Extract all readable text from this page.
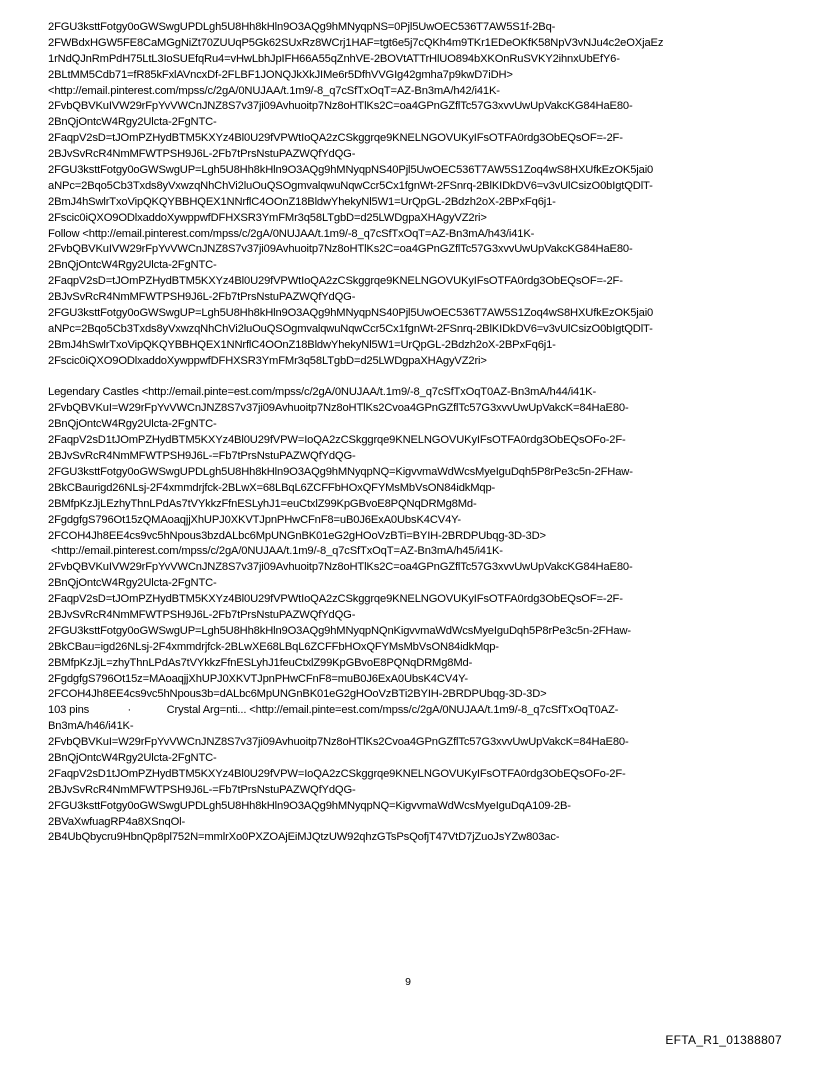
2FGU3ksttFotgy0oGWSwgUPDLgh5U8Hh8kHln9O3AQg9hMNyqpNS=0Pjl5UwOEC536T7AW5S1f-2Bq-
2FWBdxHGW5FE8CaMGgNiZt70ZUUqP5Gk62SUxRz8WCrj1HAF=tgt6e5j7cQKh4m9TKr1EDeOKfK58NpV3vNJu4c2eOXjaEz
1rNdQJnRmPdH75LtL3IoSUEfqRu4=vHwLbhJpIFH66A55qZnhVE-2BOVtATTrHlUO894bXKOnRuSVKY2ihnxUbEfY6-
2BLtMM5Cdb71=fR85kFxlAVncxDf-2FLBF1JONQJkXkJIMe6r5DfhVVGIg42gmha7p9kwD7iDH>
<http://email.pinterest.com/mpss/c/2gA/0NUJAA/t.1m9/-8_q7cSfTxOqT=AZ-Bn3mA/h42/i41K-
2FvbQBVKuIVW29rFpYvVWCnJNZ8S7v37ji09Avhuoitp7Nz8oHTlKs2C=oa4GPnGZflTc57G3xvvUwUpVakcKG84HaE80-
2BnQjOntcW4Rgy2Ulcta-2FgNTC-
2FaqpV2sD=tJOmPZHydBTM5KXYz4Bl0U29fVPWtIoQA2zCSkggrqe9KNELNGOVUKyIFsOTFA0rdg3ObEQsOF=-2F-
2BJvSvRcR4NmMFWTPSH9J6L-2Fb7tPrsNstuPAZWQfYdQG-
2FGU3ksttFotgy0oGWSwgUP=Lgh5U8Hh8kHln9O3AQg9hMNyqpNS40Pjl5UwOEC536T7AW5S1Zoq4wS8HXUfkEzOK5jai0
aNPc=2Bqo5Cb3Txds8yVxwzqNhChVi2luOuQSOgmvalqwuNqwCcr5Cx1fgnWt-2FSnrq-2BlKIDkDV6=v3vUlCsizO0bIgtQDlT-
2BmJ4hSwlrTxoVipQKQYBBHQEX1NNrflC4OOnZ18BldwYhekyNl5W1=UrQpGL-2Bdzh2oX-2BPxFq6j1-
2Fscic0iQXO9ODlxaddoXywppwfDFHXSR3YmFMr3q58LTgbD=d25LWDgpaXHAgyVZ2ri>
Follow <http://email.pinterest.com/mpss/c/2gA/0NUJAA/t.1m9/-8_q7cSfTxOqT=AZ-Bn3mA/h43/i41K-
2FvbQBVKuIVW29rFpYvVWCnJNZ8S7v37ji09Avhuoitp7Nz8oHTlKs2C=oa4GPnGZflTc57G3xvvUwUpVakcKG84HaE80-
2BnQjOntcW4Rgy2Ulcta-2FgNTC-
2FaqpV2sD=tJOmPZHydBTM5KXYz4Bl0U29fVPWtIoQA2zCSkggrqe9KNELNGOVUKyIFsOTFA0rdg3ObEQsOF=-2F-
2BJvSvRcR4NmMFWTPSH9J6L-2Fb7tPrsNstuPAZWQfYdQG-
2FGU3ksttFotgy0oGWSwgUP=Lgh5U8Hh8kHln9O3AQg9hMNyqpNS40Pjl5UwOEC536T7AW5S1Zoq4wS8HXUfkEzOK5jai0
aNPc=2Bqo5Cb3Txds8yVxwzqNhChVi2luOuQSOgmvalqwuNqwCcr5Cx1fgnWt-2FSnrq-2BlKIDkDV6=v3vUlCsizO0bIgtQDlT-
2BmJ4hSwlrTxoVipQKQYBBHQEX1NNrflC4OOnZ18BldwYhekyNl5W1=UrQpGL-2Bdzh2oX-2BPxFq6j1-
2Fscic0iQXO9ODlxaddoXywppwfDFHXSR3YmFMr3q58LTgbD=d25LWDgpaXHAgyVZ2ri>
Legendary Castles <http://email.pinte=est.com/mpss/c/2gA/0NUJAA/t.1m9/-8_q7cSfTxOqT0AZ-Bn3mA/h44/i41K-
2FvbQBVKuI=W29rFpYvVWCnJNZ8S7v37ji09Avhuoitp7Nz8oHTlKs2Cvoa4GPnGZflTc57G3xvvUwUpVakcK=84HaE80-
2BnQjOntcW4Rgy2Ulcta-2FgNTC-
2FaqpV2sD1tJOmPZHydBTM5KXYz4Bl0U29fVPW=IoQA2zCSkggrqe9KNELNGOVUKyIFsOTFA0rdg3ObEQsOFo-2F-
2BJvSvRcR4NmMFWTPSH9J6L-=Fb7tPrsNstuPAZWQfYdQG-
2FGU3ksttFotgy0oGWSwgUPDLgh5U8Hh8kHln9O3AQg9hMNyqpNQ=KigvvmaWdWcsMyeIguDqh5P8rPe3c5n-2FHaw-
2BkCBaurigd26NLsj-2F4xmmdrjfck-2BLwX=68LBqL6ZCFFbHOxQFYMsMbVsON84idkMqp-
2BMfpKzJjLEzhyThnLPdAs7tVYkkzFfnESLyhJ1=euCtxlZ99KpGBvoE8PQNqDRMg8Md-
2FgdgfgS796Ot15zQMAoaqjjXhUPJ0XKVTJpnPHwCFnF8=uB0J6ExA0UbsK4CV4Y-
2FCOH4Jh8EE4cs9vc5hNpous3bzdALbc6MpUNGnBK01eG2gHOoVzBTi=BYIH-2BRDPUbqg-3D-3D>
<http://email.pinterest.com/mpss/c/2gA/0NUJAA/t.1m9/-8_q7cSfTxOqT=AZ-Bn3mA/h45/i41K-
2FvbQBVKuIVW29rFpYvVWCnJNZ8S7v37ji09Avhuoitp7Nz8oHTlKs2C=oa4GPnGZflTc57G3xvvUwUpVakcKG84HaE80-
2BnQjOntcW4Rgy2Ulcta-2FgNTC-
2FaqpV2sD=tJOmPZHydBTM5KXYz4Bl0U29fVPWtIoQA2zCSkggrqe9KNELNGOVUKyIFsOTFA0rdg3ObEQsOF=-2F-
2BJvSvRcR4NmMFWTPSH9J6L-2Fb7tPrsNstuPAZWQfYdQG-
2FGU3ksttFotgy0oGWSwgUP=Lgh5U8Hh8kHln9O3AQg9hMNyqpNQnKigvvmaWdWcsMyeIguDqh5P8rPe3c5n-2FHaw-
2BkCBau=igd26NLsj-2F4xmmdrjfck-2BLwXE68LBqL6ZCFFbHOxQFYMsMbVsON84idkMqp-
2BMfpKzJjL=zhyThnLPdAs7tVYkkzFfnESLyhJ1feuCtxlZ99KpGBvoE8PQNqDRMg8Md-
2FgdgfgS796Ot15z=MAoaqjjXhUPJ0XKVTJpnPHwCFnF8=muB0J6ExA0UbsK4CV4Y-
2FCOH4Jh8EE4cs9vc5hNpous3b=dALbc6MpUNGnBK01eG2gHOoVzBTi2BYIH-2BRDPUbqg-3D-3D>
103 pins             ·            Crystal Arg=nti... <http://email.pinte=est.com/mpss/c/2gA/0NUJAA/t.1m9/-8_q7cSfTxOqT0AZ-
Bn3mA/h46/i41K-
2FvbQBVKuI=W29rFpYvVWCnJNZ8S7v37ji09Avhuoitp7Nz8oHTlKs2Cvoa4GPnGZflTc57G3xvvUwUpVakcK=84HaE80-
2BnQjOntcW4Rgy2Ulcta-2FgNTC-
2FaqpV2sD1tJOmPZHydBTM5KXYz4Bl0U29fVPW=IoQA2zCSkggrqe9KNELNGOVUKyIFsOTFA0rdg3ObEQsOFo-2F-
2BJvSvRcR4NmMFWTPSH9J6L-=Fb7tPrsNstuPAZWQfYdQG-
2FGU3ksttFotgy0oGWSwgUPDLgh5U8Hh8kHln9O3AQg9hMNyqpNQ=KigvvmaWdWcsMyeIguDqA109-2B-
2BVaXwfuagRP4a8XSnqOl-
2B4UbQbycru9HbnQp8pl752N=mmlrXo0PXZOAjEiMJQtzUW92qhzGTsPsQofjT47VtD7jZuoJsYZw803ac-
9
EFTA_R1_01388807
